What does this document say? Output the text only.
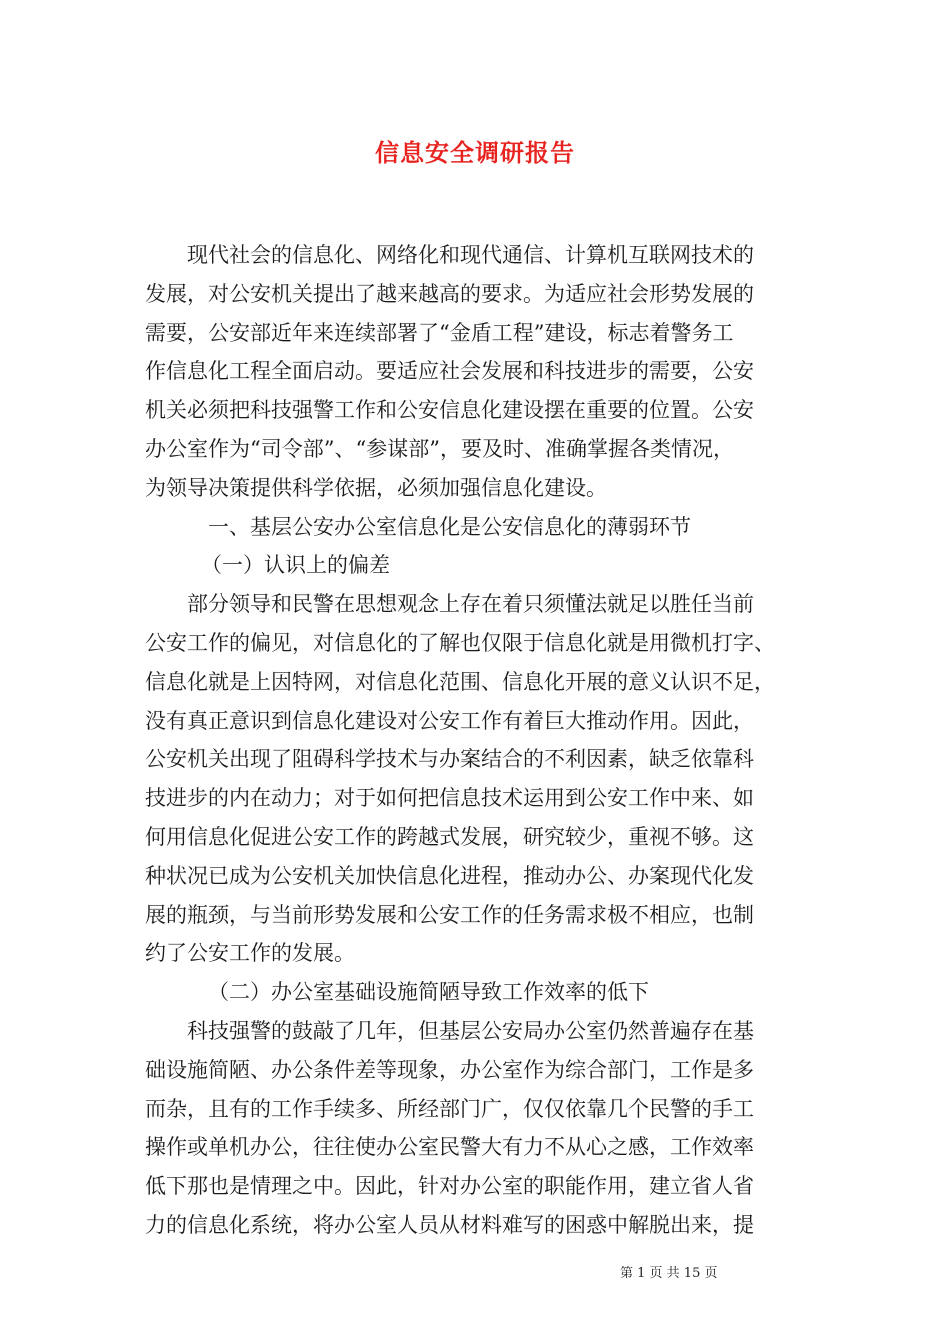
信息安全调研报告
现代社会的信息化、网络化和现代通信、计算机互联网技术的
发展，对公安机关提出了越来越高的要求。为适应社会形势发展的
需要，公安部近年来连续部署了“金盾工程”建设，标志着警务工
作信息化工程全面启动。要适应社会发展和科技进步的需要，公安
机关必须把科技强警工作和公安信息化建设摆在重要的位置。公安
办公室作为“司令部”、“参谋部”，要及时、准确掌握各类情况，
为领导决策提供科学依据，必须加强信息化建设。
一、基层公安办公室信息化是公安信息化的薄弱环节
（一）认识上的偏差
部分领导和民警在思想观念上存在着只须懂法就足以胜任当前
公安工作的偏见，对信息化的了解也仅限于信息化就是用微机打字、
信息化就是上因特网，对信息化范围、信息化开展的意义认识不足，
没有真正意识到信息化建设对公安工作有着巨大推动作用。因此，
公安机关出现了阻碍科学技术与办案结合的不利因素，缺乏依靠科
技进步的内在动力；对于如何把信息技术运用到公安工作中来、如
何用信息化促进公安工作的跨越式发展，研究较少，重视不够。这
种状况已成为公安机关加快信息化进程，推动办公、办案现代化发
展的瓶颈，与当前形势发展和公安工作的任务需求极不相应，也制
约了公安工作的发展。
（二）办公室基础设施简陋导致工作效率的低下
科技强警的鼓敲了几年，但基层公安局办公室仍然普遍存在基
础设施简陋、办公条件差等现象，办公室作为综合部门，工作是多
而杂，且有的工作手续多、所经部门广，仅仅依靠几个民警的手工
操作或单机办公，往往使办公室民警大有力不从心之感，工作效率
低下那也是情理之中。因此，针对办公室的职能作用，建立省人省
力的信息化系统，将办公室人员从材料难写的困惑中解脱出来，提
第 1 页 共 15 页
